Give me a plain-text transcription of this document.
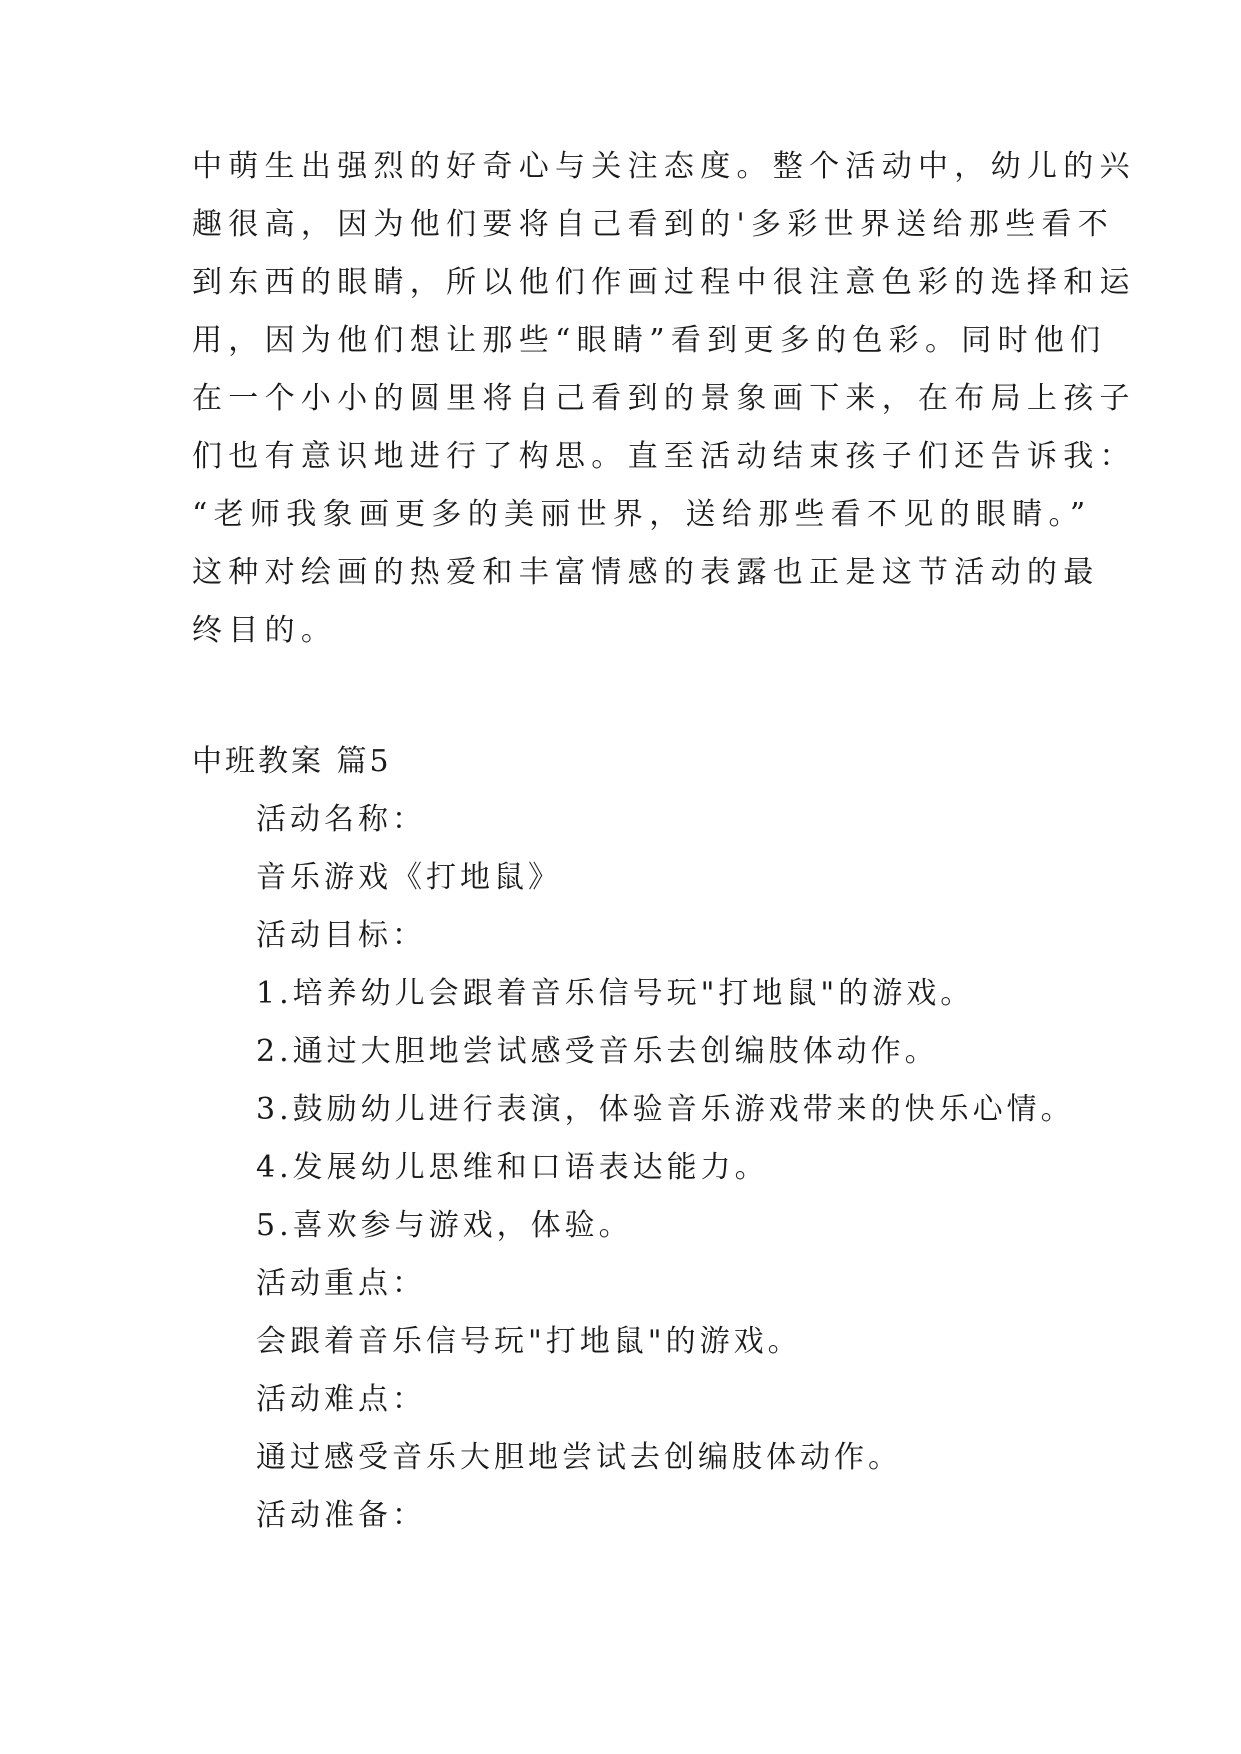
中萌生出强烈的好奇心与关注态度。整个活动中，幼儿的兴
趣很高，因为他们要将自己看到的'多彩世界送给那些看不
到东西的眼睛，所以他们作画过程中很注意色彩的选择和运
用，因为他们想让那些“眼睛”看到更多的色彩。同时他们
在一个小小的圆里将自己看到的景象画下来，在布局上孩子
们也有意识地进行了构思。直至活动结束孩子们还告诉我：
“老师我象画更多的美丽世界，送给那些看不见的眼睛。”
这种对绘画的热爱和丰富情感的表露也正是这节活动的最
终目的。
中班教案 篇5
活动名称：
音乐游戏《打地鼠》
活动目标：
1.培养幼儿会跟着音乐信号玩"打地鼠"的游戏。
2.通过大胆地尝试感受音乐去创编肢体动作。
3.鼓励幼儿进行表演，体验音乐游戏带来的快乐心情。
4.发展幼儿思维和口语表达能力。
5.喜欢参与游戏，体验。
活动重点：
会跟着音乐信号玩"打地鼠"的游戏。
活动难点：
通过感受音乐大胆地尝试去创编肢体动作。
活动准备：
